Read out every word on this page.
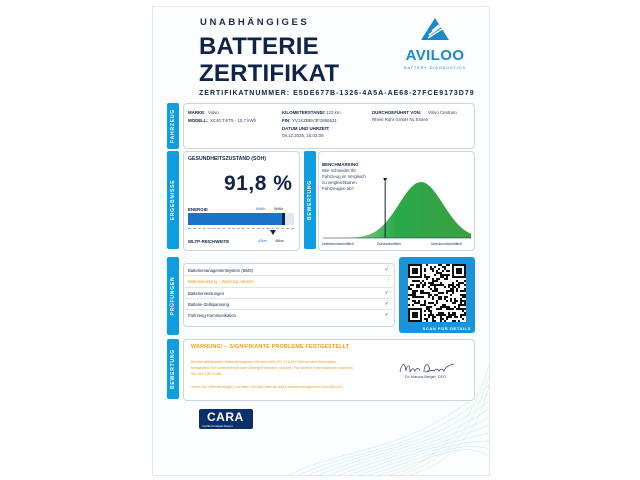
UNABHÄNGIGES
BATTERIE
ZERTIFIKAT
ZERTIFIKATNUMMER: E5DE677B-1326-4A5A-AE68-27FCE9173D79
AVILOO
BATTERY DIAGNOSTICS
FAHRZEUG	MARKE: Volvo
MODELL: XC40 T4/T5 - 10,7 kWh
KILOMETERSTAND:
22.123 km
FIN: YV1XZBBV3F2866531
DATUM UND UHRZEIT:
08.12.2025, 16:03:08
DURCHGEFÜHRT VON: Volvo Centrum
Rhein Ruhr GmbH NL Essen
ERGEBNISSE
GESUNDHEITSZUSTAND (SOH)
91,8 %
ENERGIE	8kWh 9kWh
WLTP-REICHWEITE	43km 46km
BEWERTUNG
BENCHMARKING
Wie schneidet Ihr
Fahrzeug im Vergleich
zu vergleichbaren
Fahrzeugen ab?
Unterdurchschnittlich	Durchschnittlich	Überdurchschnittlich
PRÜFUNGEN
Batteriemanagementsystem (BMS)	✓
Batterieleistung – Warnung erkannt	!
Batteriemessungen	✓
Batterie-Zellspannung	✓
Fahrzeug-Kommunikation	✓
SCAN FOR DETAILS
BEWERTUNG
WARNUNG! – SIGNIFIKANTE PROBLEME FESTGESTELLT
Bei der detaillierten Batteriediagnose mit dem AVILOO FLASH Test wurden Anomalien
festgestellt. Bei Unsicherheit oder Übergriff wenden müssen. Für weitere Informationen scannen
Sie den QR-Code.
Wenn Sie Hilfe benötigen, wenden Sie sich bitte an das Kundenmanagement von AVILOO
Dr. Marcus Berger, CEO
CARA
Certified Analysis Report
